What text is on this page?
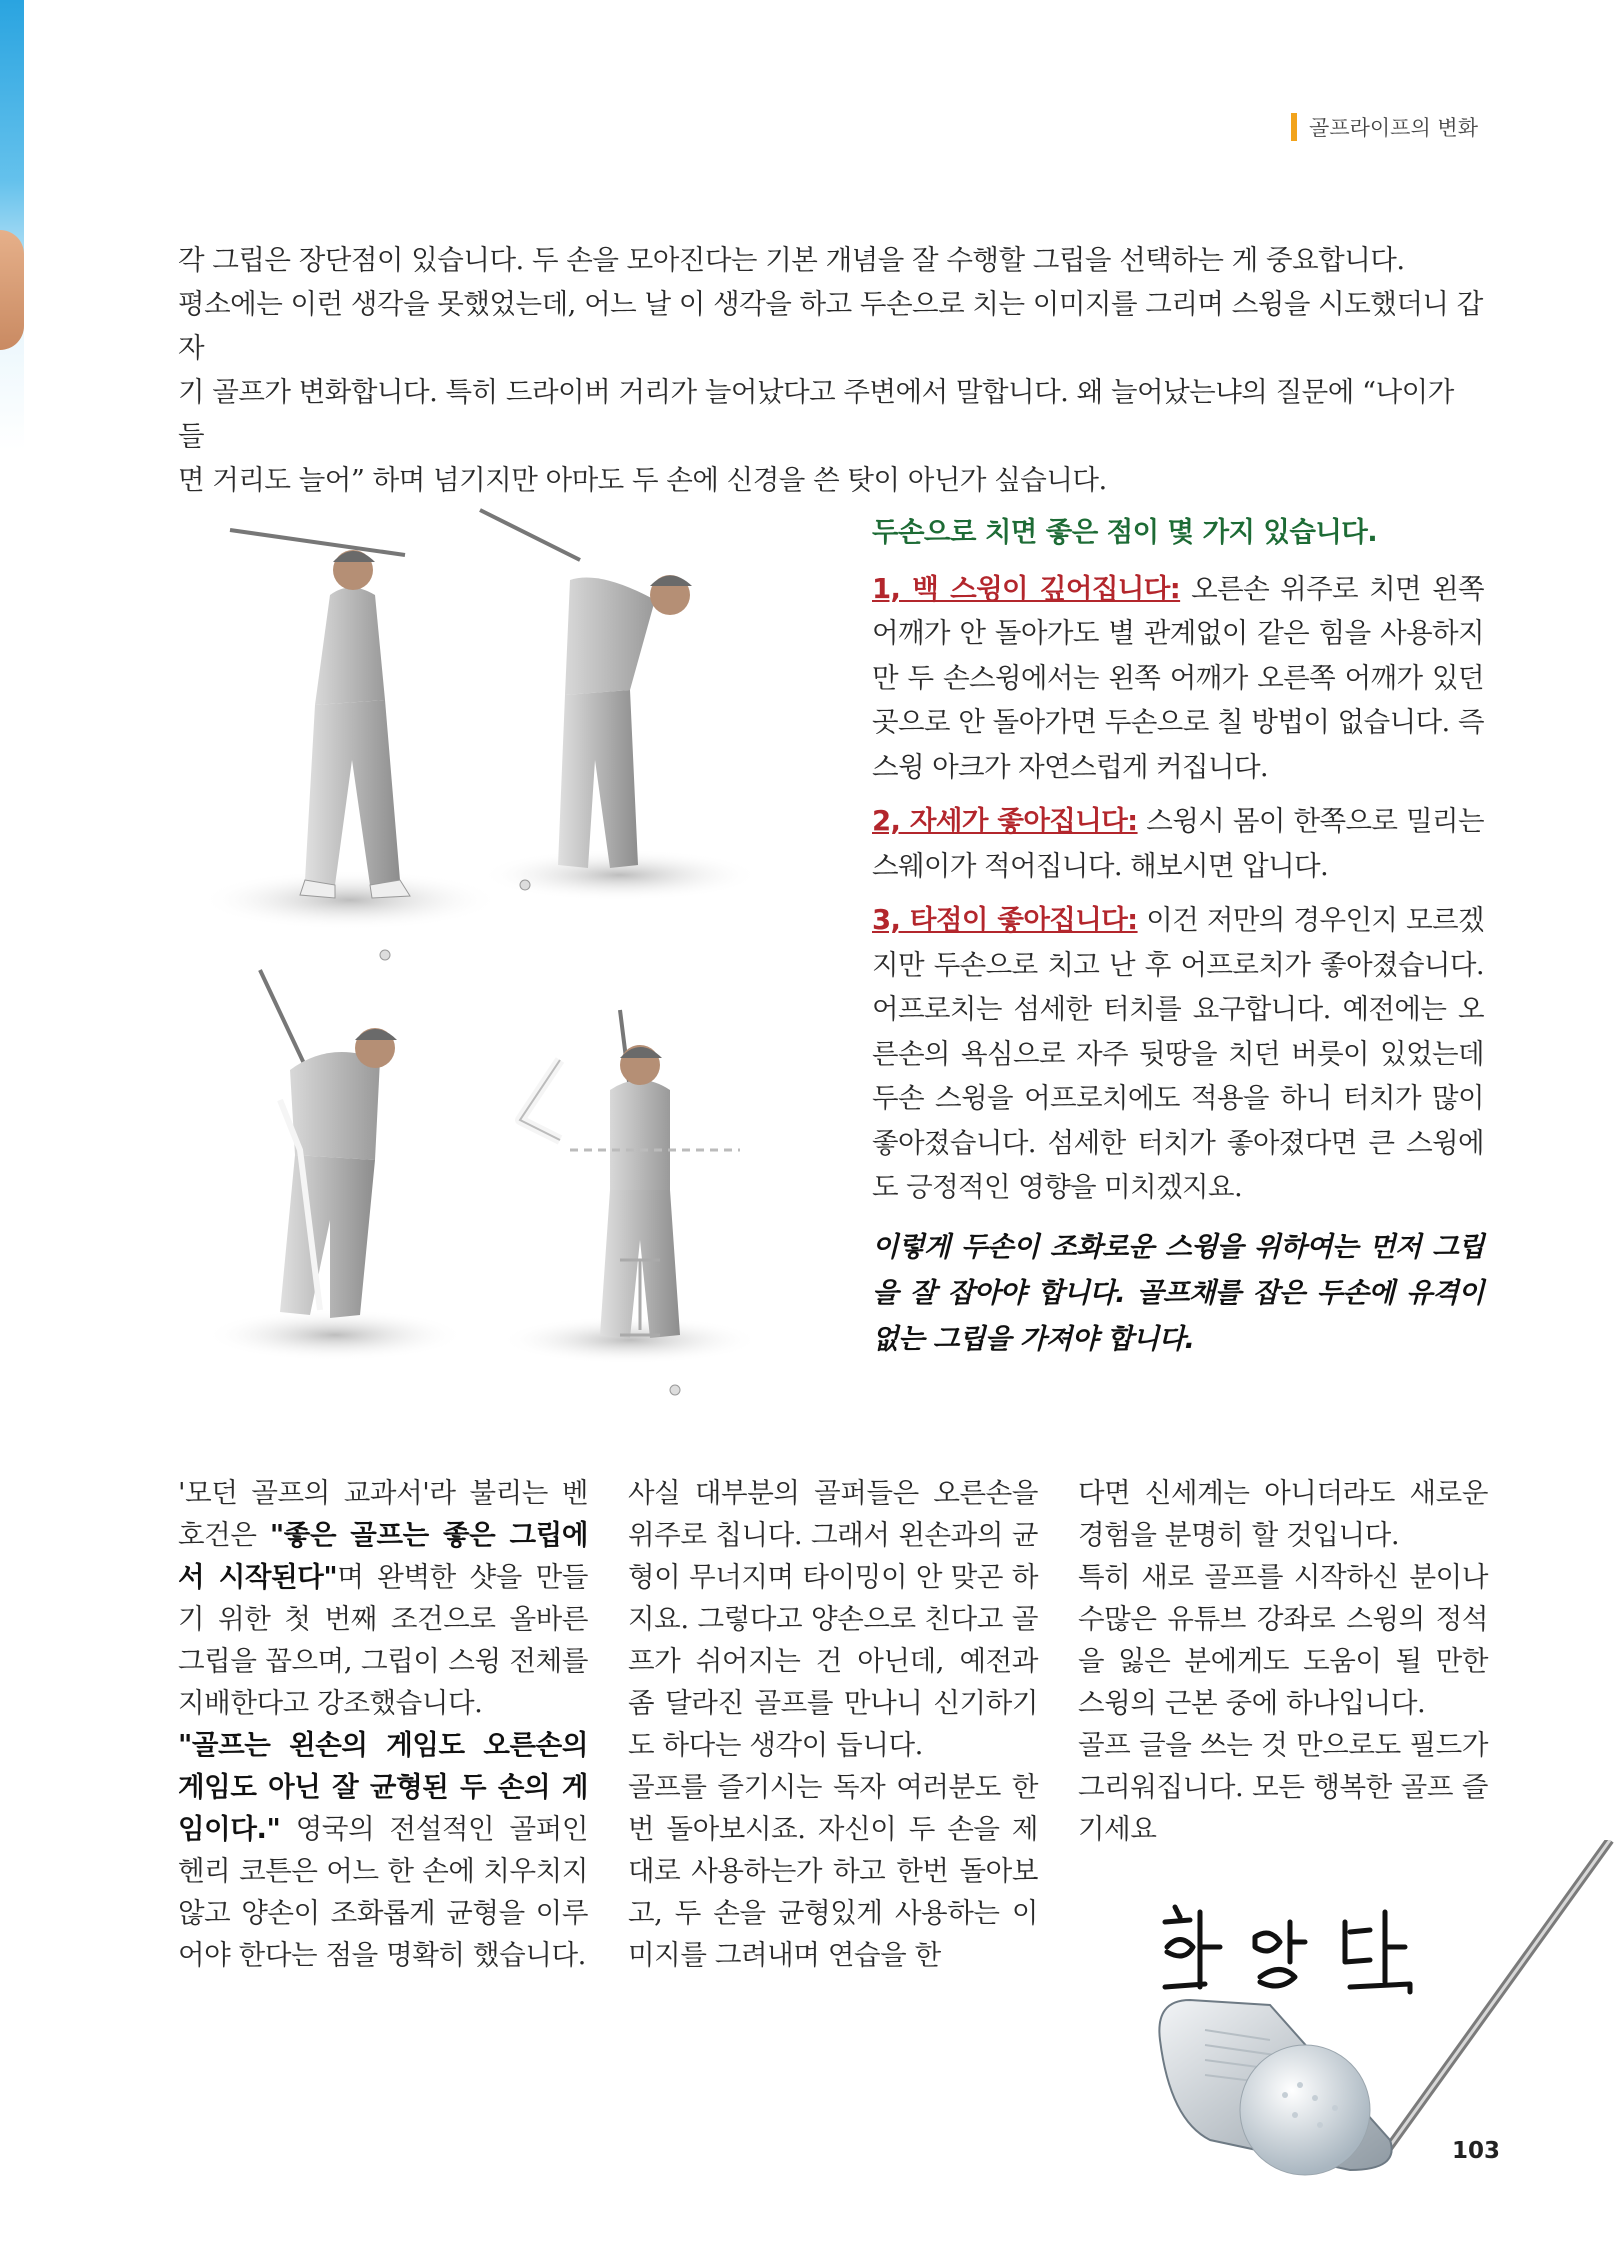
골프라이프의 변화

각 그립은 장단점이 있습니다. 두 손을 모아진다는 기본 개념을 잘 수행할 그립을 선택하는 게 중요합니다.

평소에는 이런 생각을 못했었는데, 어느 날 이 생각을 하고 두손으로 치는 이미지를 그리며 스윙을 시도했더니 갑자

기 골프가 변화합니다. 특히 드라이버 거리가 늘어났다고 주변에서 말합니다. 왜 늘어났는냐의 질문에 “나이가 들

면 거리도 늘어” 하며 넘기지만 아마도 두 손에 신경을 쓴 탓이 아닌가 싶습니다.

두손으로 치면 좋은 점이 몇 가지 있습니다.

1, 백 스윙이 깊어집니다: 오른손 위주로 치면 왼쪽 어깨가 안 돌아가도 별 관계없이 같은 힘을 사용하지만 두 손스윙에서는 왼쪽 어깨가 오른쪽 어깨가 있던 곳으로 안 돌아가면 두손으로 칠 방법이 없습니다. 즉 스윙 아크가 자연스럽게 커집니다.

2, 자세가 좋아집니다: 스윙시 몸이 한쪽으로 밀리는 스웨이가 적어집니다. 해보시면 압니다.

3, 타점이 좋아집니다: 이건 저만의 경우인지 모르겠지만 두손으로 치고 난 후 어프로치가 좋아졌습니다. 어프로치는 섬세한 터치를 요구합니다. 예전에는 오른손의 욕심으로 자주 뒷땅을 치던 버릇이 있었는데 두손 스윙을 어프로치에도 적용을 하니 터치가 많이 좋아졌습니다. 섬세한 터치가 좋아졌다면 큰 스윙에도 긍정적인 영향을 미치겠지요.

이렇게 두손이 조화로운 스윙을 위하여는 먼저 그립을 잘 잡아야 합니다. 골프채를 잡은 두손에 유격이 없는 그립을 가져야 합니다.

'모던 골프의 교과서'라 불리는 벤 호건은 "좋은 골프는 좋은 그립에서 시작된다"며 완벽한 샷을 만들기 위한 첫 번째 조건으로 올바른 그립을 꼽으며, 그립이 스윙 전체를 지배한다고 강조했습니다.

"골프는 왼손의 게임도 오른손의 게임도 아닌 잘 균형된 두 손의 게임이다." 영국의 전설적인 골퍼인 헨리 코튼은 어느 한 손에 치우치지 않고 양손이 조화롭게 균형을 이루어야 한다는 점을 명확히 했습니다.

사실 대부분의 골퍼들은 오른손을 위주로 칩니다. 그래서 왼손과의 균형이 무너지며 타이밍이 안 맞곤 하지요. 그렇다고 양손으로 친다고 골프가 쉬어지는 건 아닌데, 예전과 좀 달라진 골프를 만나니 신기하기도 하다는 생각이 듭니다.

골프를 즐기시는 독자 여러분도 한번 돌아보시죠. 자신이 두 손을 제대로 사용하는가 하고 한번 돌아보고, 두 손을 균형있게 사용하는 이미지를 그려내며 연습을 한

다면 신세계는 아니더라도 새로운 경험을 분명히 할 것입니다.

특히 새로 골프를 시작하신 분이나 수많은 유튜브 강좌로 스윙의 정석을 잃은 분에게도 도움이 될 만한 스윙의 근본 중에 하나입니다.

골프 글을 쓰는 것 만으로도 필드가 그리워집니다. 모든 행복한 골프 즐기세요

103
